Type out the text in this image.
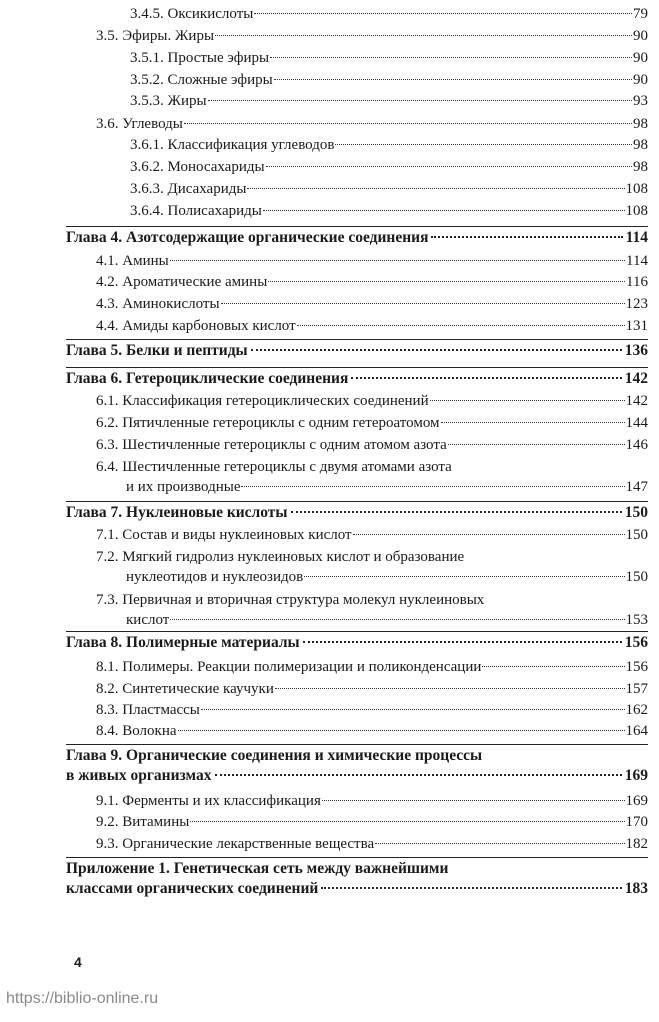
3.4.5. Оксикислоты	79
3.5. Эфиры. Жиры	90
3.5.1. Простые эфиры	90
3.5.2. Сложные эфиры	90
3.5.3. Жиры	93
3.6. Углеводы	98
3.6.1. Классификация углеводов	98
3.6.2. Моносахариды	98
3.6.3. Дисахариды	108
3.6.4. Полисахариды	108
Глава 4. Азотсодержащие органические соединения	114
4.1. Амины	114
4.2. Ароматические амины	116
4.3. Аминокислоты	123
4.4. Амиды карбоновых кислот	131
Глава 5. Белки и пептиды	136
Глава 6. Гетероциклические соединения	142
6.1. Классификация гетероциклических соединений	142
6.2. Пятичленные гетероциклы с одним гетероатомом	144
6.3. Шестичленные гетероциклы с одним атомом азота	146
6.4. Шестичленные гетероциклы с двумя атомами азота
и их производные	147
Глава 7. Нуклеиновые кислоты	150
7.1. Состав и виды нуклеиновых кислот	150
7.2. Мягкий гидролиз нуклеиновых кислот и образование
нуклеотидов и нуклеозидов	150
7.3. Первичная и вторичная структура молекул нуклеиновых
кислот	153
Глава 8. Полимерные материалы	156
8.1. Полимеры. Реакции полимеризации и поликонденсации	156
8.2. Синтетические каучуки	157
8.3. Пластмассы	162
8.4. Волокна	164
Глава 9. Органические соединения и химические процессы
в живых организмах	169
9.1. Ферменты и их классификация	169
9.2. Витамины	170
9.3. Органические лекарственные вещества	182
Приложение 1. Генетическая сеть между важнейшими
классами органических соединений	183
4
https://biblio-online.ru
